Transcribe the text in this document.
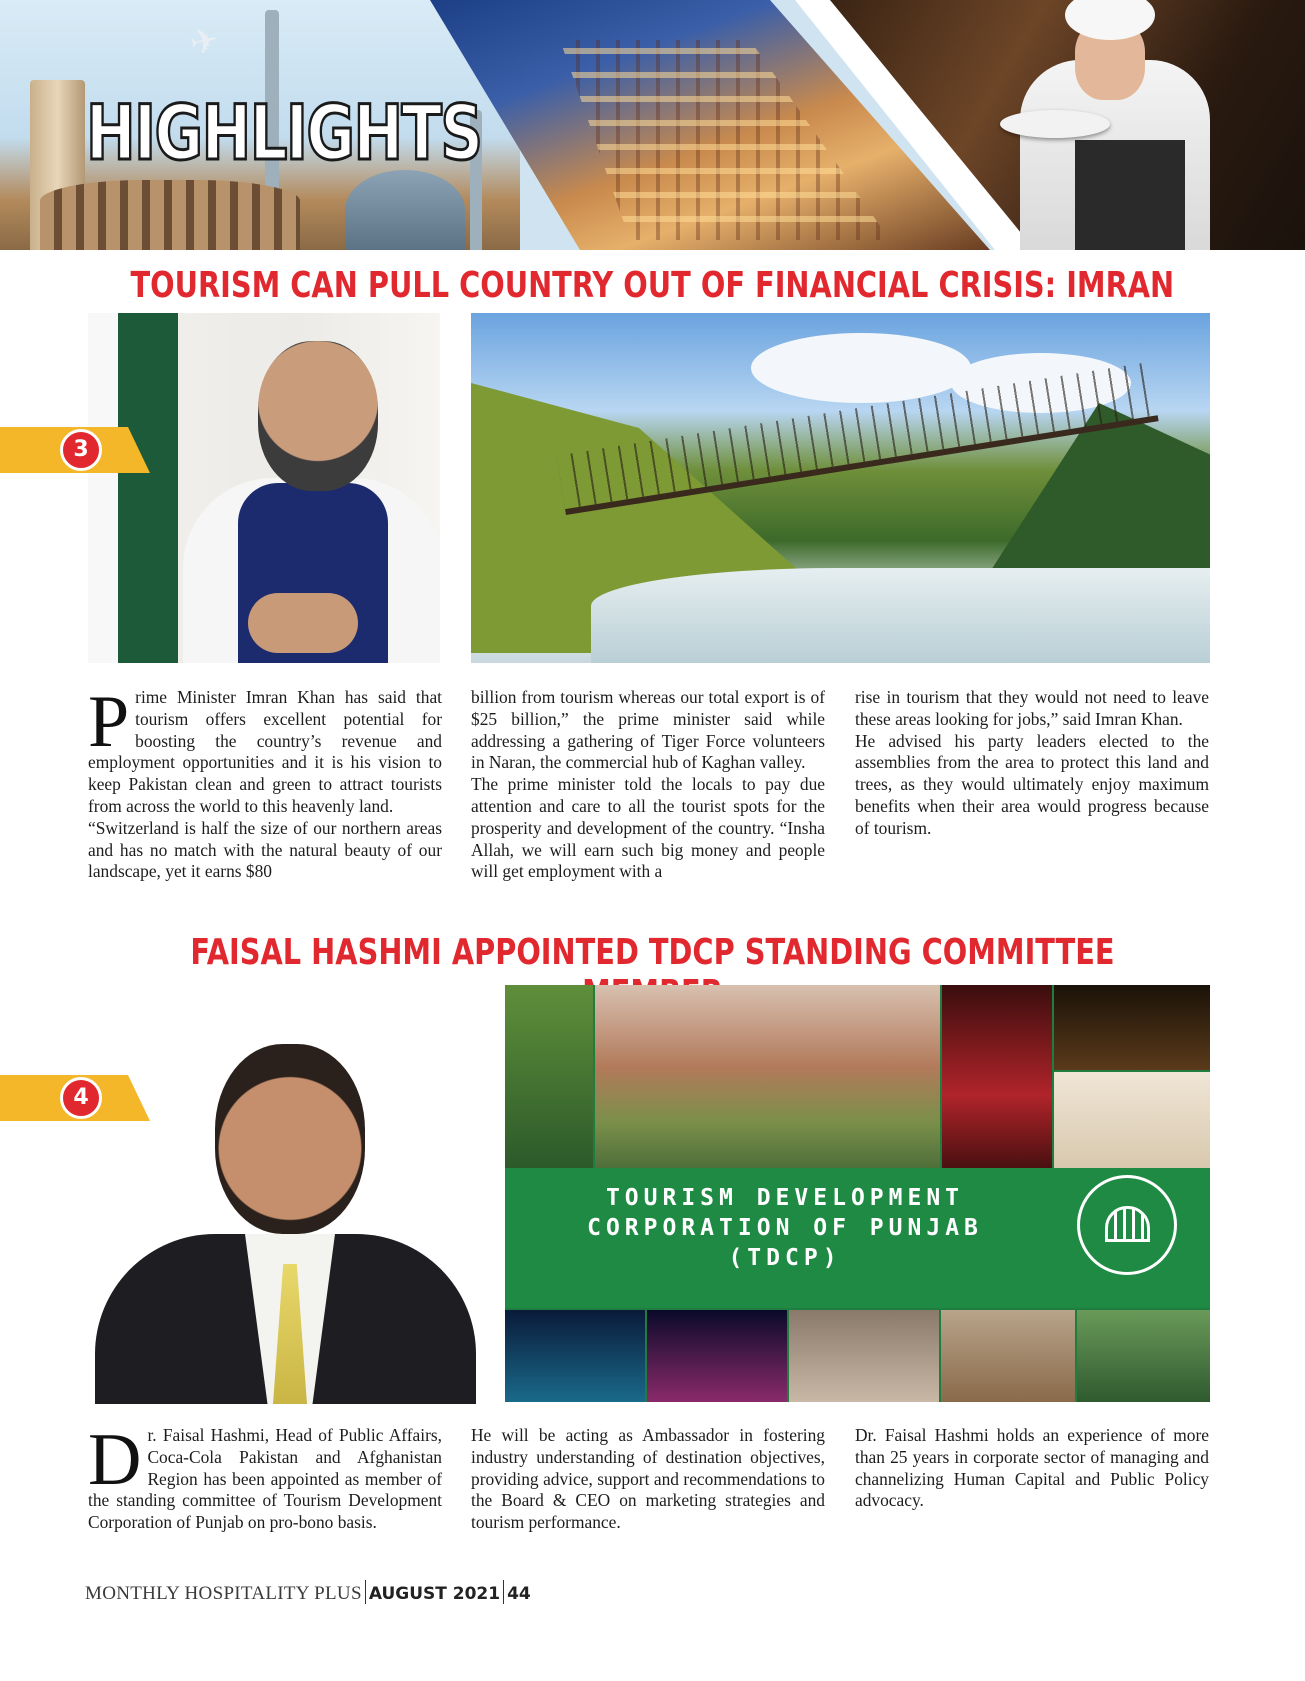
✈
HIGHLIGHTS
TOURISM CAN PULL COUNTRY OUT OF FINANCIAL CRISIS: IMRAN
3
P rime Minister Imran Khan has said that tourism offers excellent potential for boosting the country’s revenue and employment opportunities and it is his vision to keep Pakistan clean and green to attract tourists from across the world to this heavenly land.

“Switzerland is half the size of our northern areas and has no match with the natural beauty of our landscape, yet it earns $80

billion from tourism whereas our total export is of $25 billion,” the prime minister said while addressing a gathering of Tiger Force volunteers in Naran, the commercial hub of Kaghan valley.

The prime minister told the locals to pay due attention and care to all the tourist spots for the prosperity and development of the country. “Insha Allah, we will earn such big money and people will get employment with a

rise in tourism that they would not need to leave these areas looking for jobs,” said Imran Khan.

He advised his party leaders elected to the assemblies from the area to protect this land and trees, as they would ultimately enjoy maximum benefits when their area would progress because of tourism.

FAISAL HASHMI APPOINTED TDCP STANDING COMMITTEE
TOURISM DEVELOPMENT
CORPORATION OF PUNJAB
(TDCP)
4
D r. Faisal Hashmi, Head of Public Affairs, Coca-Cola Pakistan and Afghanistan Region has been appointed as member of the standing committee of Tourism Development Corporation of Punjab on pro-bono basis.

He will be acting as Ambassador in fostering industry understanding of destination objectives, providing advice, support and recommendations to the Board & CEO on marketing strategies and tourism performance.

Dr. Faisal Hashmi holds an experience of more than 25 years in corporate sector of managing and channelizing Human Capital and Public Policy advocacy.

MONTHLY HOSPITALITY PLUS AUGUST 2021 44
